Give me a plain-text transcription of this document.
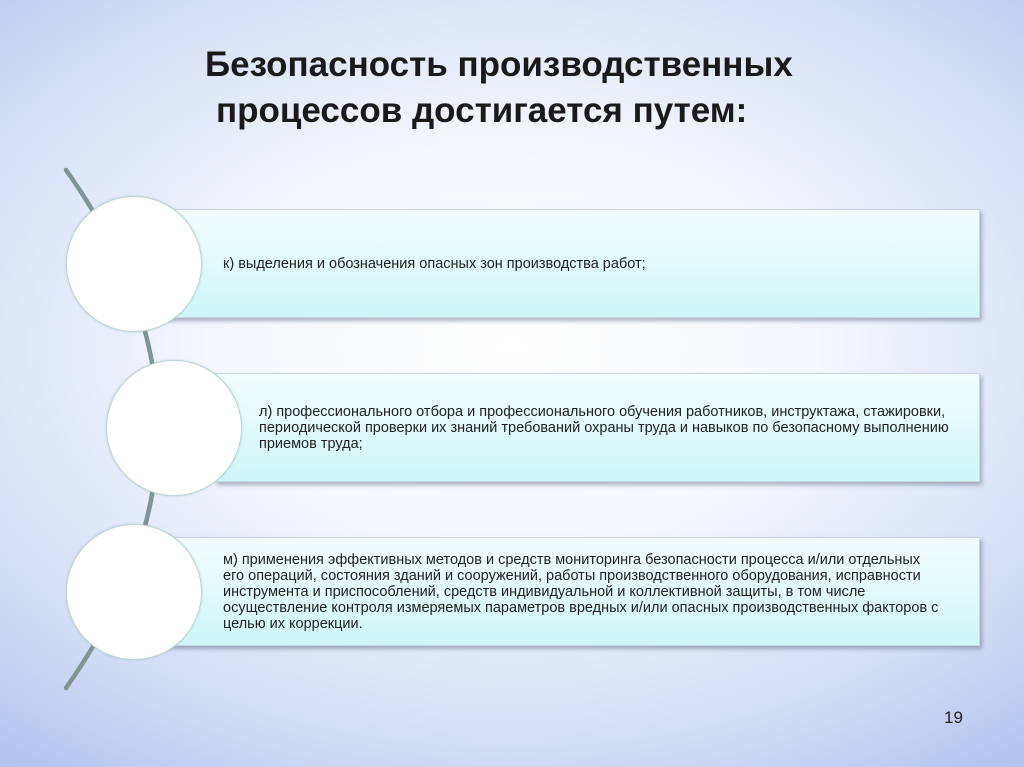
Безопасность производственных

процессов достигается путем:
к) выделения и обозначения опасных зон производства работ;
л) профессионального отбора и профессионального обучения работников, инструктажа, стажировки, периодической проверки их знаний требований охраны труда и навыков по безопасному выполнению приемов труда;
м) применения эффективных методов и средств мониторинга безопасности процесса и/или отдельных его операций, состояния зданий и сооружений, работы производственного оборудования, исправности инструмента и приспособлений, средств индивидуальной и коллективной защиты, в том числе осуществление контроля измеряемых параметров вредных и/или опасных производственных факторов с целью их коррекции.
19
